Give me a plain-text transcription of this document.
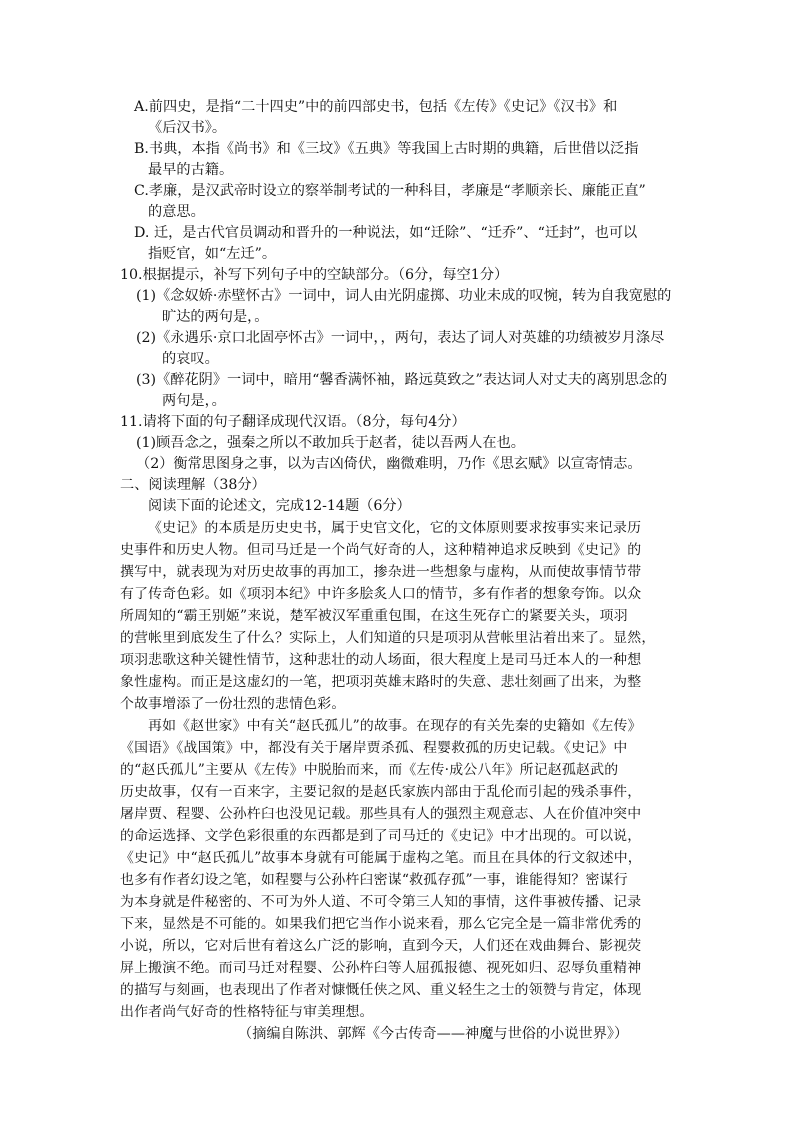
A.前四史，是指“二十四史”中的前四部史书，包括《左传》《史记》《汉书》和
《后汉书》。
B.书典，本指《尚书》和《三坟》《五典》等我国上古时期的典籍，后世借以泛指
最早的古籍。
C.孝廉，是汉武帝时设立的察举制考试的一种科目，孝廉是“孝顺亲长、廉能正直”
的意思。
D. 迁，是古代官员调动和晋升的一种说法，如“迁除”、“迁乔”、“迁封”，也可以
指贬官，如“左迁”。
10.根据提示，补写下列句子中的空缺部分。（6分，每空1分）
(1)《念奴娇·赤壁怀古》一词中，词人由光阴虚掷、功业未成的叹惋，转为自我宽慰的
旷达的两句是，。
(2)《永遇乐·京口北固亭怀古》一词中，，两句，表达了词人对英雄的功绩被岁月涤尽
的哀叹。
(3)《醉花阴》一词中，暗用“馨香满怀袖，路远莫致之”表达词人对丈夫的离别思念的
两句是，。
11.请将下面的句子翻译成现代汉语。（8分，每句4分）
(1)顾吾念之，强秦之所以不敢加兵于赵者，徒以吾两人在也。
（2）衡常思图身之事，以为吉凶倚伏，幽微难明，乃作《思玄赋》以宣寄情志。
二、阅读理解（38分）
阅读下面的论述文，完成12-14题（6分）
《史记》的本质是历史史书，属于史官文化，它的文体原则要求按事实来记录历
史事件和历史人物。但司马迁是一个尚气好奇的人，这种精神追求反映到《史记》的
撰写中，就表现为对历史故事的再加工，掺杂进一些想象与虚构，从而使故事情节带
有了传奇色彩。如《项羽本纪》中许多脍炙人口的情节，多有作者的想象夸饰。以众
所周知的“霸王别姬”来说，楚军被汉军重重包围，在这生死存亡的紧要关头，项羽
的营帐里到底发生了什么？实际上，人们知道的只是项羽从营帐里沾着出来了。显然，
项羽悲歌这种关键性情节，这种悲壮的动人场面，很大程度上是司马迁本人的一种想
象性虚构。而正是这虚幻的一笔，把项羽英雄末路时的失意、悲壮刻画了出来，为整
个故事增添了一份壮烈的悲情色彩。
再如《赵世家》中有关“赵氏孤儿”的故事。在现存的有关先秦的史籍如《左传》
《国语》《战国策》中，都没有关于屠岸贾杀孤、程婴救孤的历史记载。《史记》中
的“赵氏孤儿”主要从《左传》中脱胎而来，而《左传·成公八年》所记赵孤赵武的
历史故事，仅有一百来字，主要记叙的是赵氏家族内部由于乱伦而引起的残杀事件，
屠岸贾、程婴、公孙杵臼也没见记载。那些具有人的强烈主观意志、人在价值冲突中
的命运选择、文学色彩很重的东西都是到了司马迁的《史记》中才出现的。可以说，
《史记》中“赵氏孤儿”故事本身就有可能属于虚构之笔。而且在具体的行文叙述中，
也多有作者幻设之笔，如程婴与公孙杵臼密谋“救孤存孤”一事，谁能得知？密谋行
为本身就是件秘密的、不可为外人道、不可令第三人知的事情，这件事被传播、记录
下来，显然是不可能的。如果我们把它当作小说来看，那么它完全是一篇非常优秀的
小说，所以，它对后世有着这么广泛的影响，直到今天，人们还在戏曲舞台、影视荧
屏上搬演不绝。而司马迁对程婴、公孙杵臼等人屈孤报德、视死如归、忍辱负重精神
的描写与刻画，也表现出了作者对慷慨任侠之风、重义轻生之士的领赞与肯定，体现
出作者尚气好奇的性格特征与审美理想。
（摘编自陈洪、郭辉《今古传奇——神魔与世俗的小说世界》）
